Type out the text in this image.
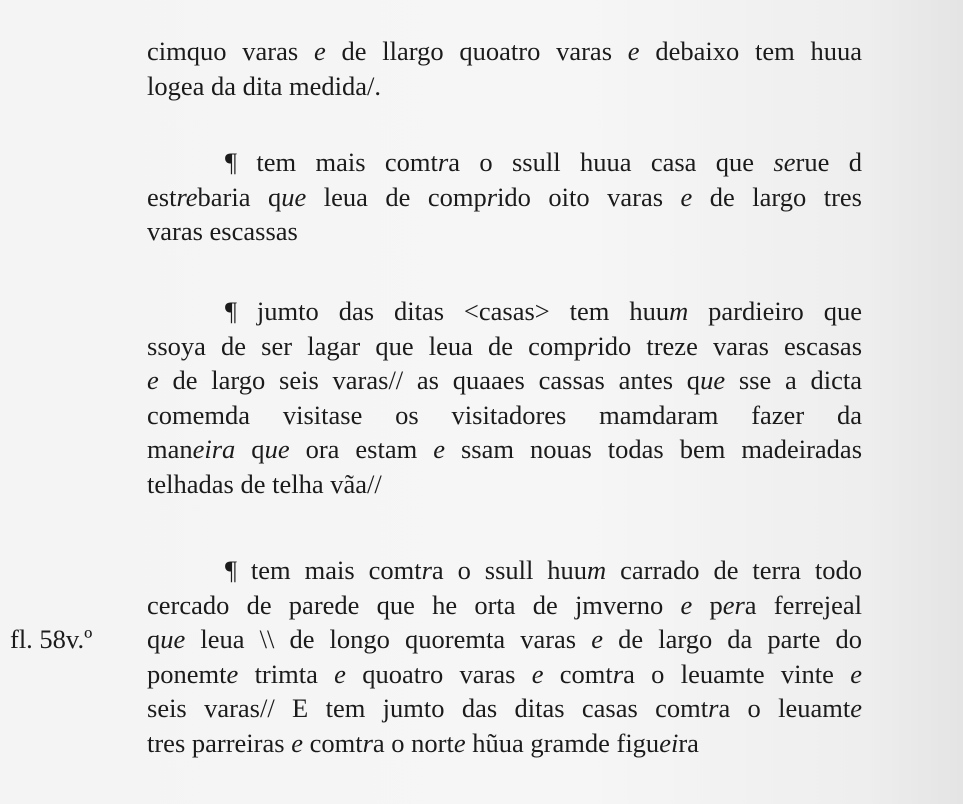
cimquo varas e de llargo quoatro varas e debaixo tem huua
logea da dita medida/.
¶ tem mais comtra o ssull huua casa que serue d
estrebaria que leua de comprido oito varas e de largo tres
varas escassas
¶ jumto das ditas <casas> tem huum pardieiro que
ssoya de ser lagar que leua de comprido treze varas escasas
e de largo seis varas// as quaaes cassas antes que sse a dicta
comemda visitase os visitadores mamdaram fazer da
maneira que ora estam e ssam nouas todas bem madeiradas
telhadas de telha vãa//
¶ tem mais comtra o ssull huum carrado de terra todo
cercado de parede que he orta de jmverno e pera ferrejeal
que leua \\ de longo quoremta varas e de largo da parte do
ponemte trimta e quoatro varas e comtra o leuamte vinte e
seis varas// E tem jumto das ditas casas comtra o leuamte
tres parreiras e comtra o norte hũua gramde figueira
fl. 58v.º
